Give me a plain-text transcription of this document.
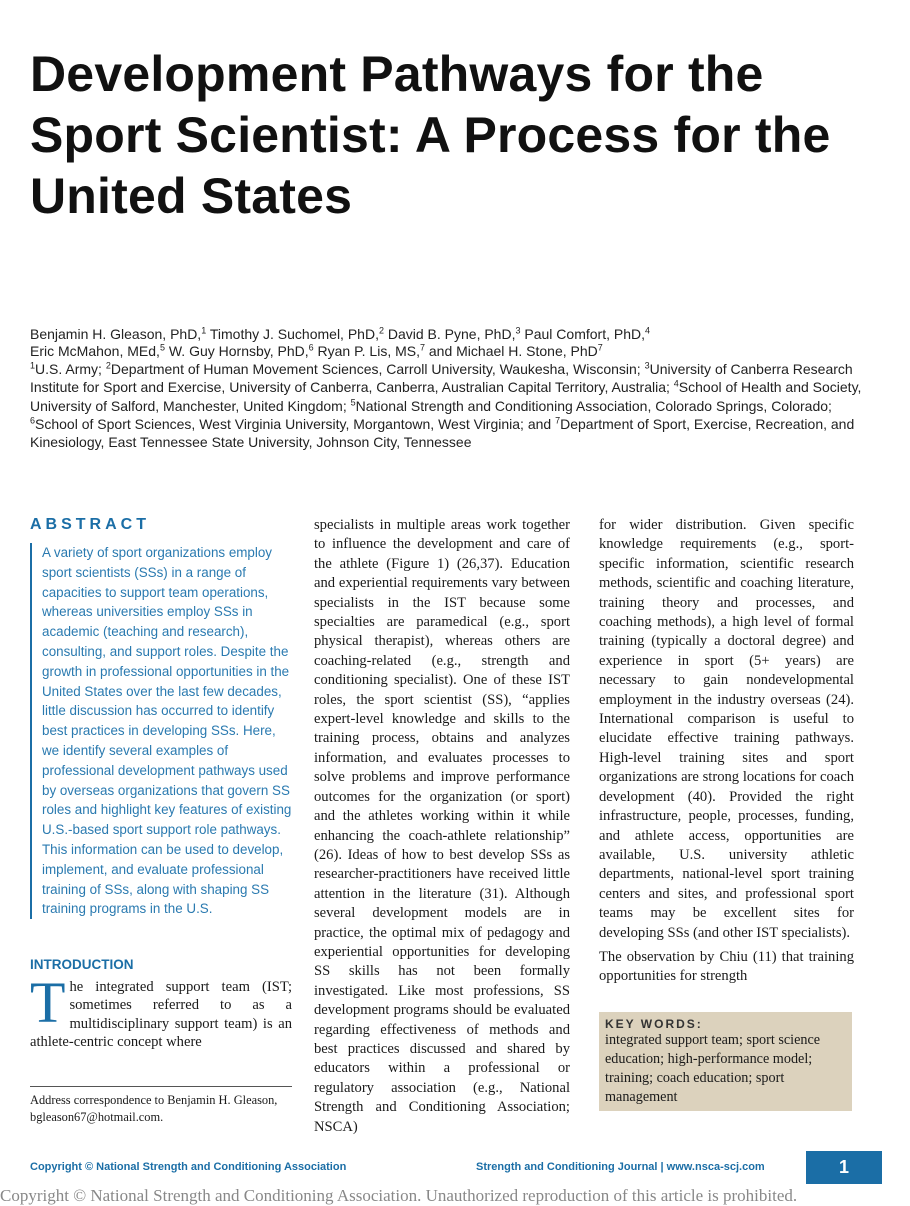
Development Pathways for the Sport Scientist: A Process for the United States
Benjamin H. Gleason, PhD,$^1$ Timothy J. Suchomel, PhD,$^2$ David B. Pyne, PhD,$^3$ Paul Comfort, PhD,$^4$
Eric McMahon, MEd,$^5$ W. Guy Hornsby, PhD,$^6$ Ryan P. Lis, MS,$^7$ and Michael H. Stone, PhD$^7$
$^1$U.S. Army; $^2$Department of Human Movement Sciences, Carroll University, Waukesha, Wisconsin; $^3$University of Canberra Research Institute for Sport and Exercise, University of Canberra, Canberra, Australian Capital Territory, Australia; $^4$School of Health and Society, University of Salford, Manchester, United Kingdom; $^5$National Strength and Conditioning Association, Colorado Springs, Colorado; $^6$School of Sport Sciences, West Virginia University, Morgantown, West Virginia; and $^7$Department of Sport, Exercise, Recreation, and Kinesiology, East Tennessee State University, Johnson City, Tennessee
ABSTRACT

A variety of sport organizations employ sport scientists (SSs) in a range of capacities to support team operations, whereas universities employ SSs in academic (teaching and research), consulting, and support roles. Despite the growth in professional opportunities in the United States over the last few decades, little discussion has occurred to identify best practices in developing SSs. Here, we identify several examples of professional development pathways used by overseas organizations that govern SS roles and highlight key features of existing U.S.-based sport support role pathways. This information can be used to develop, implement, and evaluate professional training of SSs, along with shaping SS training programs in the U.S.

INTRODUCTION

The integrated support team (IST; sometimes referred to as a multidisciplinary support team) is an athlete-centric concept where

Address correspondence to Benjamin H. Gleason, bgleason67@hotmail.com.

specialists in multiple areas work together to influence the development and care of the athlete (Figure 1) (26,37). Education and experiential requirements vary between specialists in the IST because some specialties are paramedical (e.g., sport physical therapist), whereas others are coaching-related (e.g., strength and conditioning specialist). One of these IST roles, the sport scientist (SS), “applies expert-level knowledge and skills to the training process, obtains and analyzes information, and evaluates processes to solve problems and improve performance outcomes for the organization (or sport) and the athletes working within it while enhancing the coach-athlete relationship” (26). Ideas of how to best develop SSs as researcher-practitioners have received little attention in the literature (31). Although several development models are in practice, the optimal mix of pedagogy and experiential opportunities for developing SS skills has not been formally investigated. Like most professions, SS development programs should be evaluated regarding effectiveness of methods and best practices discussed and shared by educators within a professional or regulatory association (e.g., National Strength and Conditioning Association; NSCA)

for wider distribution. Given specific knowledge requirements (e.g., sport-specific information, scientific research methods, scientific and coaching literature, training theory and processes, and coaching methods), a high level of formal training (typically a doctoral degree) and experience in sport (5+ years) are necessary to gain nondevelopmental employment in the industry overseas (24). International comparison is useful to elucidate effective training pathways. High-level training sites and sport organizations are strong locations for coach development (40). Provided the right infrastructure, people, processes, funding, and athlete access, opportunities are available, U.S. university athletic departments, national-level sport training centers and sites, and professional sport teams may be excellent sites for developing SSs (and other IST specialists).

The observation by Chiu (11) that training opportunities for strength

KEY WORDS:

integrated support team; sport science education; high-performance model; training; coach education; sport management

Copyright © National Strength and Conditioning Association	Strength and Conditioning Journal | www.nsca-scj.com	1
Copyright © National Strength and Conditioning Association. Unauthorized reproduction of this article is prohibited.
